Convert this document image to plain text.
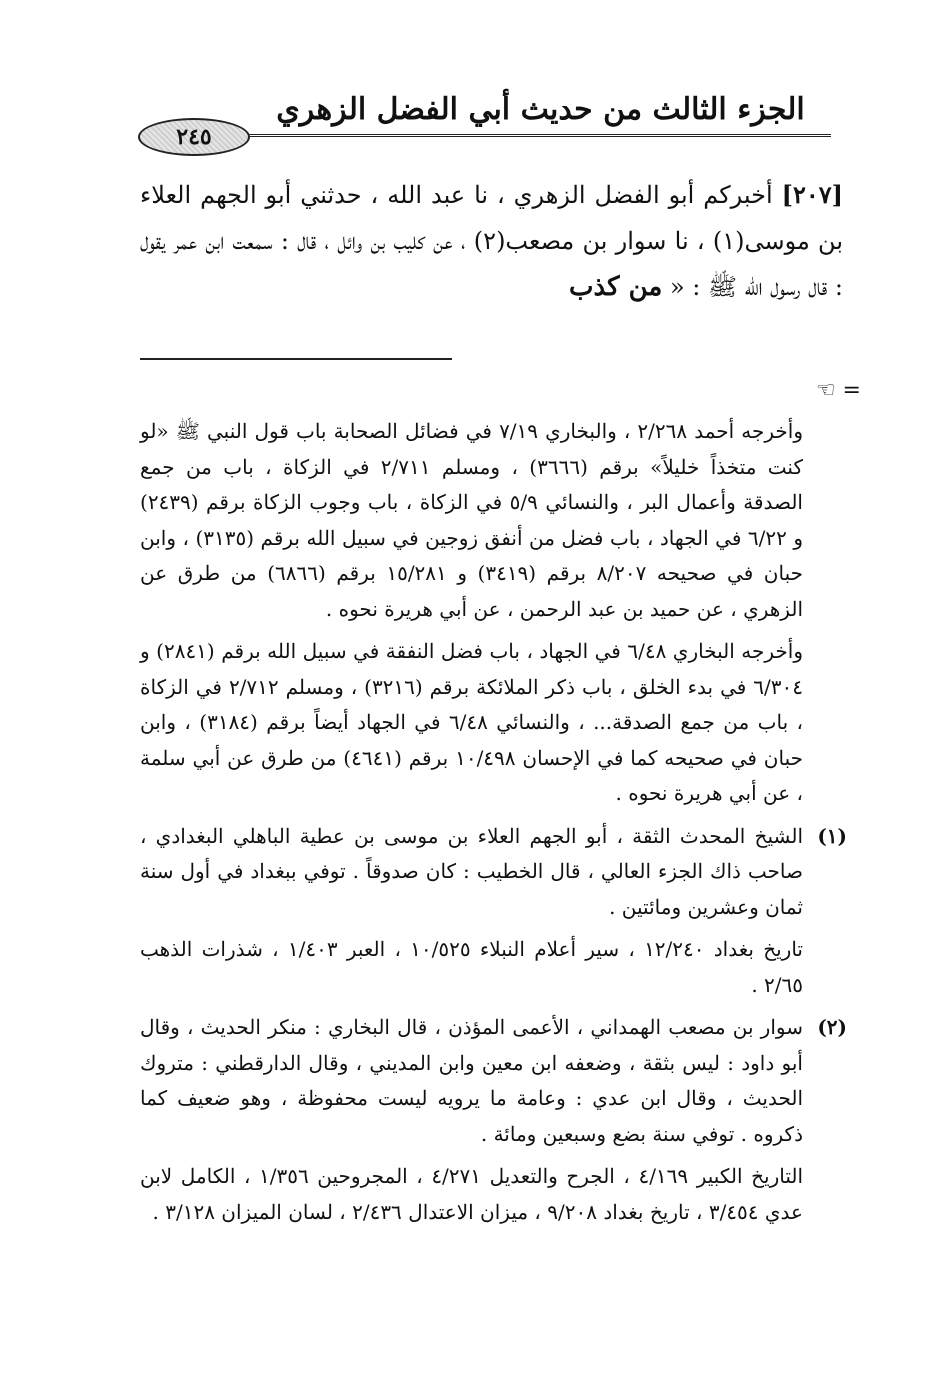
الجزء الثالث من حديث أبي الفضل الزهري
٢٤٥
[٢٠٧] أخبركم أبو الفضل الزهري ، نا عبد الله ، حدثني أبو الجهم العلاء بن موسى(١) ، نا سوار بن مصعب(٢) ، عن كليب بن وائل ، قال : سمعت ابن عمر يقول : قال رسول الله ﷺ : « من كذب
= ☜

وأخرجه أحمد ٢/٢٦٨ ، والبخاري ٧/١٩ في فضائل الصحابة باب قول النبي ﷺ «لو كنت متخذاً خليلاً» برقم (٣٦٦٦) ، ومسلم ٢/٧١١ في الزكاة ، باب من جمع الصدقة وأعمال البر ، والنسائي ٥/٩ في الزكاة ، باب وجوب الزكاة برقم (٢٤٣٩) و ٦/٢٢ في الجهاد ، باب فضل من أنفق زوجين في سبيل الله برقم (٣١٣٥) ، وابن حبان في صحيحه ٨/٢٠٧ برقم (٣٤١٩) و ١٥/٢٨١ برقم (٦٨٦٦) من طرق عن الزهري ، عن حميد بن عبد الرحمن ، عن أبي هريرة نحوه .

وأخرجه البخاري ٦/٤٨ في الجهاد ، باب فضل النفقة في سبيل الله برقم (٢٨٤١) و ٦/٣٠٤ في بدء الخلق ، باب ذكر الملائكة برقم (٣٢١٦) ، ومسلم ٢/٧١٢ في الزكاة ، باب من جمع الصدقة... ، والنسائي ٦/٤٨ في الجهاد أيضاً برقم (٣١٨٤) ، وابن حبان في صحيحه كما في الإحسان ١٠/٤٩٨ برقم (٤٦٤١) من طرق عن أبي سلمة ، عن أبي هريرة نحوه .

(١)

الشيخ المحدث الثقة ، أبو الجهم العلاء بن موسى بن عطية الباهلي البغدادي ، صاحب ذاك الجزء العالي ، قال الخطيب : كان صدوقاً . توفي ببغداد في أول سنة ثمان وعشرين ومائتين .

تاريخ بغداد ١٢/٢٤٠ ، سير أعلام النبلاء ١٠/٥٢٥ ، العبر ١/٤٠٣ ، شذرات الذهب ٢/٦٥ .

(٢)

سوار بن مصعب الهمداني ، الأعمى المؤذن ، قال البخاري : منكر الحديث ، وقال أبو داود : ليس بثقة ، وضعفه ابن معين وابن المديني ، وقال الدارقطني : متروك الحديث ، وقال ابن عدي : وعامة ما يرويه ليست محفوظة ، وهو ضعيف كما ذكروه . توفي سنة بضع وسبعين ومائة .

التاريخ الكبير ٤/١٦٩ ، الجرح والتعديل ٤/٢٧١ ، المجروحين ١/٣٥٦ ، الكامل لابن عدي ٣/٤٥٤ ، تاريخ بغداد ٩/٢٠٨ ، ميزان الاعتدال ٢/٤٣٦ ، لسان الميزان ٣/١٢٨ .
